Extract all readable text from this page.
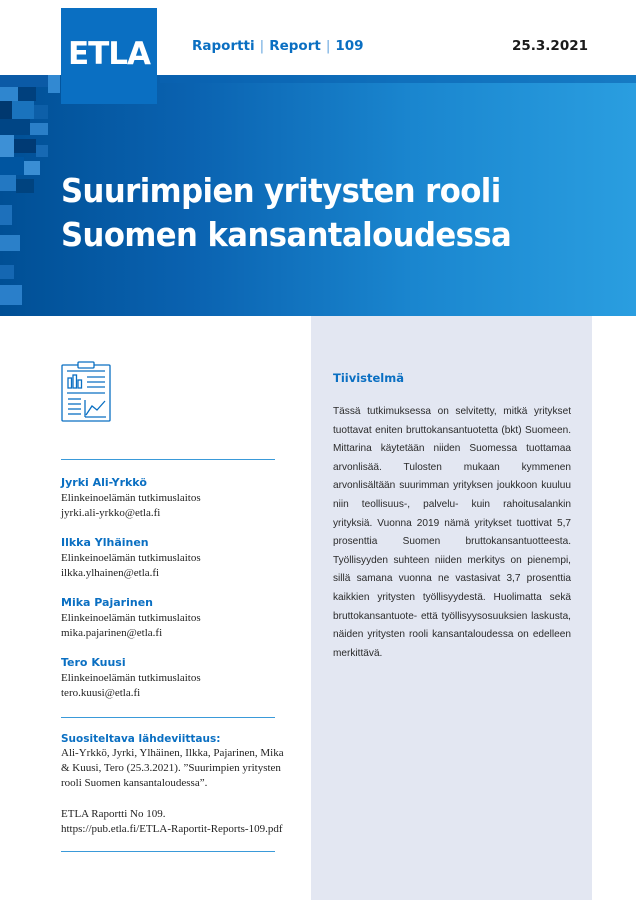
ETLA	Raportti | Report | 109	25.3.2021
Suurimpien yritysten rooli
Suomen kansantaloudessa
Jyrki Ali-Yrkkö
Elinkeinoelämän tutkimuslaitos
jyrki.ali-yrkko@etla.fi
Ilkka Ylhäinen
Elinkeinoelämän tutkimuslaitos
ilkka.ylhainen@etla.fi
Mika Pajarinen
Elinkeinoelämän tutkimuslaitos
mika.pajarinen@etla.fi
Tero Kuusi
Elinkeinoelämän tutkimuslaitos
tero.kuusi@etla.fi
Suositeltava lähdeviittaus:
Ali-Yrkkö, Jyrki, Ylhäinen, Ilkka, Pajarinen, Mika & Kuusi, Tero (25.3.2021). ”Suurimpien yritysten rooli Suomen kansantaloudessa”.
ETLA Raportti No 109.
https://pub.etla.fi/ETLA-Raportit-Reports-109.pdf
Tiivistelmä
Tässä tutkimuksessa on selvitetty, mitkä yritykset tuottavat eniten bruttokansantuotetta (bkt) Suomeen. Mittarina käytetään niiden Suomessa tuottamaa arvonlisää. Tulosten mukaan kymmenen arvonlisältään suurimman yrityksen joukkoon kuuluu niin teollisuus-, palvelu- kuin rahoitusalankin yrityksiä. Vuonna 2019 nämä yritykset tuottivat 5,7 prosenttia Suomen bruttokansantuotteesta. Työllisyyden suhteen niiden merkitys on pienempi, sillä samana vuonna ne vastasivat 3,7 prosenttia kaikkien yritysten työllisyydestä. Huolimatta sekä bruttokansantuote- että työllisyysosuuksien laskusta, näiden yritysten rooli kansantaloudessa on edelleen merkittävä.
